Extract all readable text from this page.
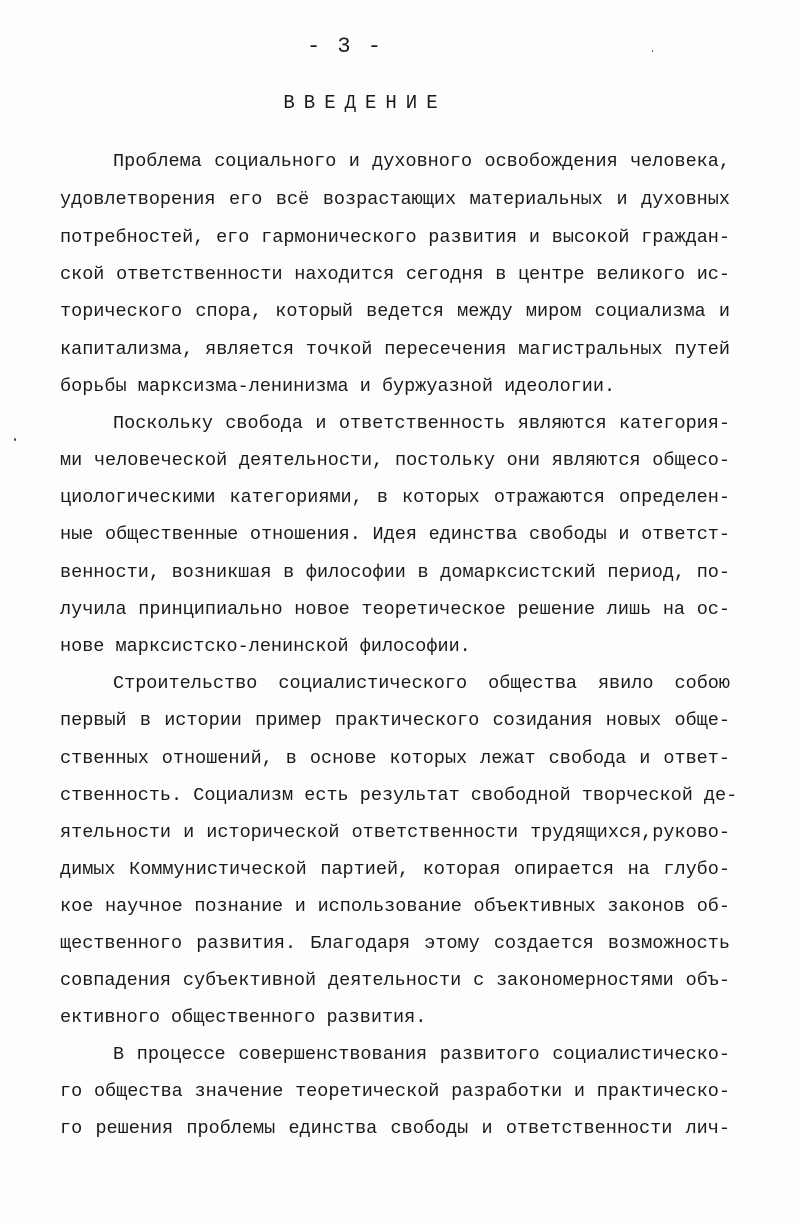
- 3 -
ВВЕДЕНИЕ
Проблема социального и духовного освобождения человека,
удовлетворения его всё возрастающих материальных и духовных
потребностей, его гармонического развития и высокой граждан-
ской ответственности находится сегодня в центре великого ис-
торического спора, который ведется между миром социализма и
капитализма, является точкой пересечения магистральных путей
борьбы марксизма-ленинизма и буржуазной идеологии.
Поскольку свобода и ответственность являются категория-
ми человеческой деятельности, постольку они являются общесо-
циологическими категориями, в которых отражаются определен-
ные общественные отношения. Идея единства свободы и ответст-
венности, возникшая в философии в домарксистский период, по-
лучила принципиально новое теоретическое решение лишь на ос-
нове марксистско-ленинской философии.
Строительство социалистического общества явило собою
первый в истории пример практического созидания новых обще-
ственных отношений, в основе которых лежат свобода и ответ-
ственность. Социализм есть результат свободной творческой де-
ятельности и исторической ответственности трудящихся,руково-
димых Коммунистической партией, которая опирается на глубо-
кое научное познание и использование объективных законов об-
щественного развития. Благодаря этому создается возможность
совпадения субъективной деятельности с закономерностями объ-
ективного общественного развития.
В процессе совершенствования развитого социалистическо-
го общества значение теоретической разработки и практическо-
го решения проблемы единства свободы и ответственности лич-
